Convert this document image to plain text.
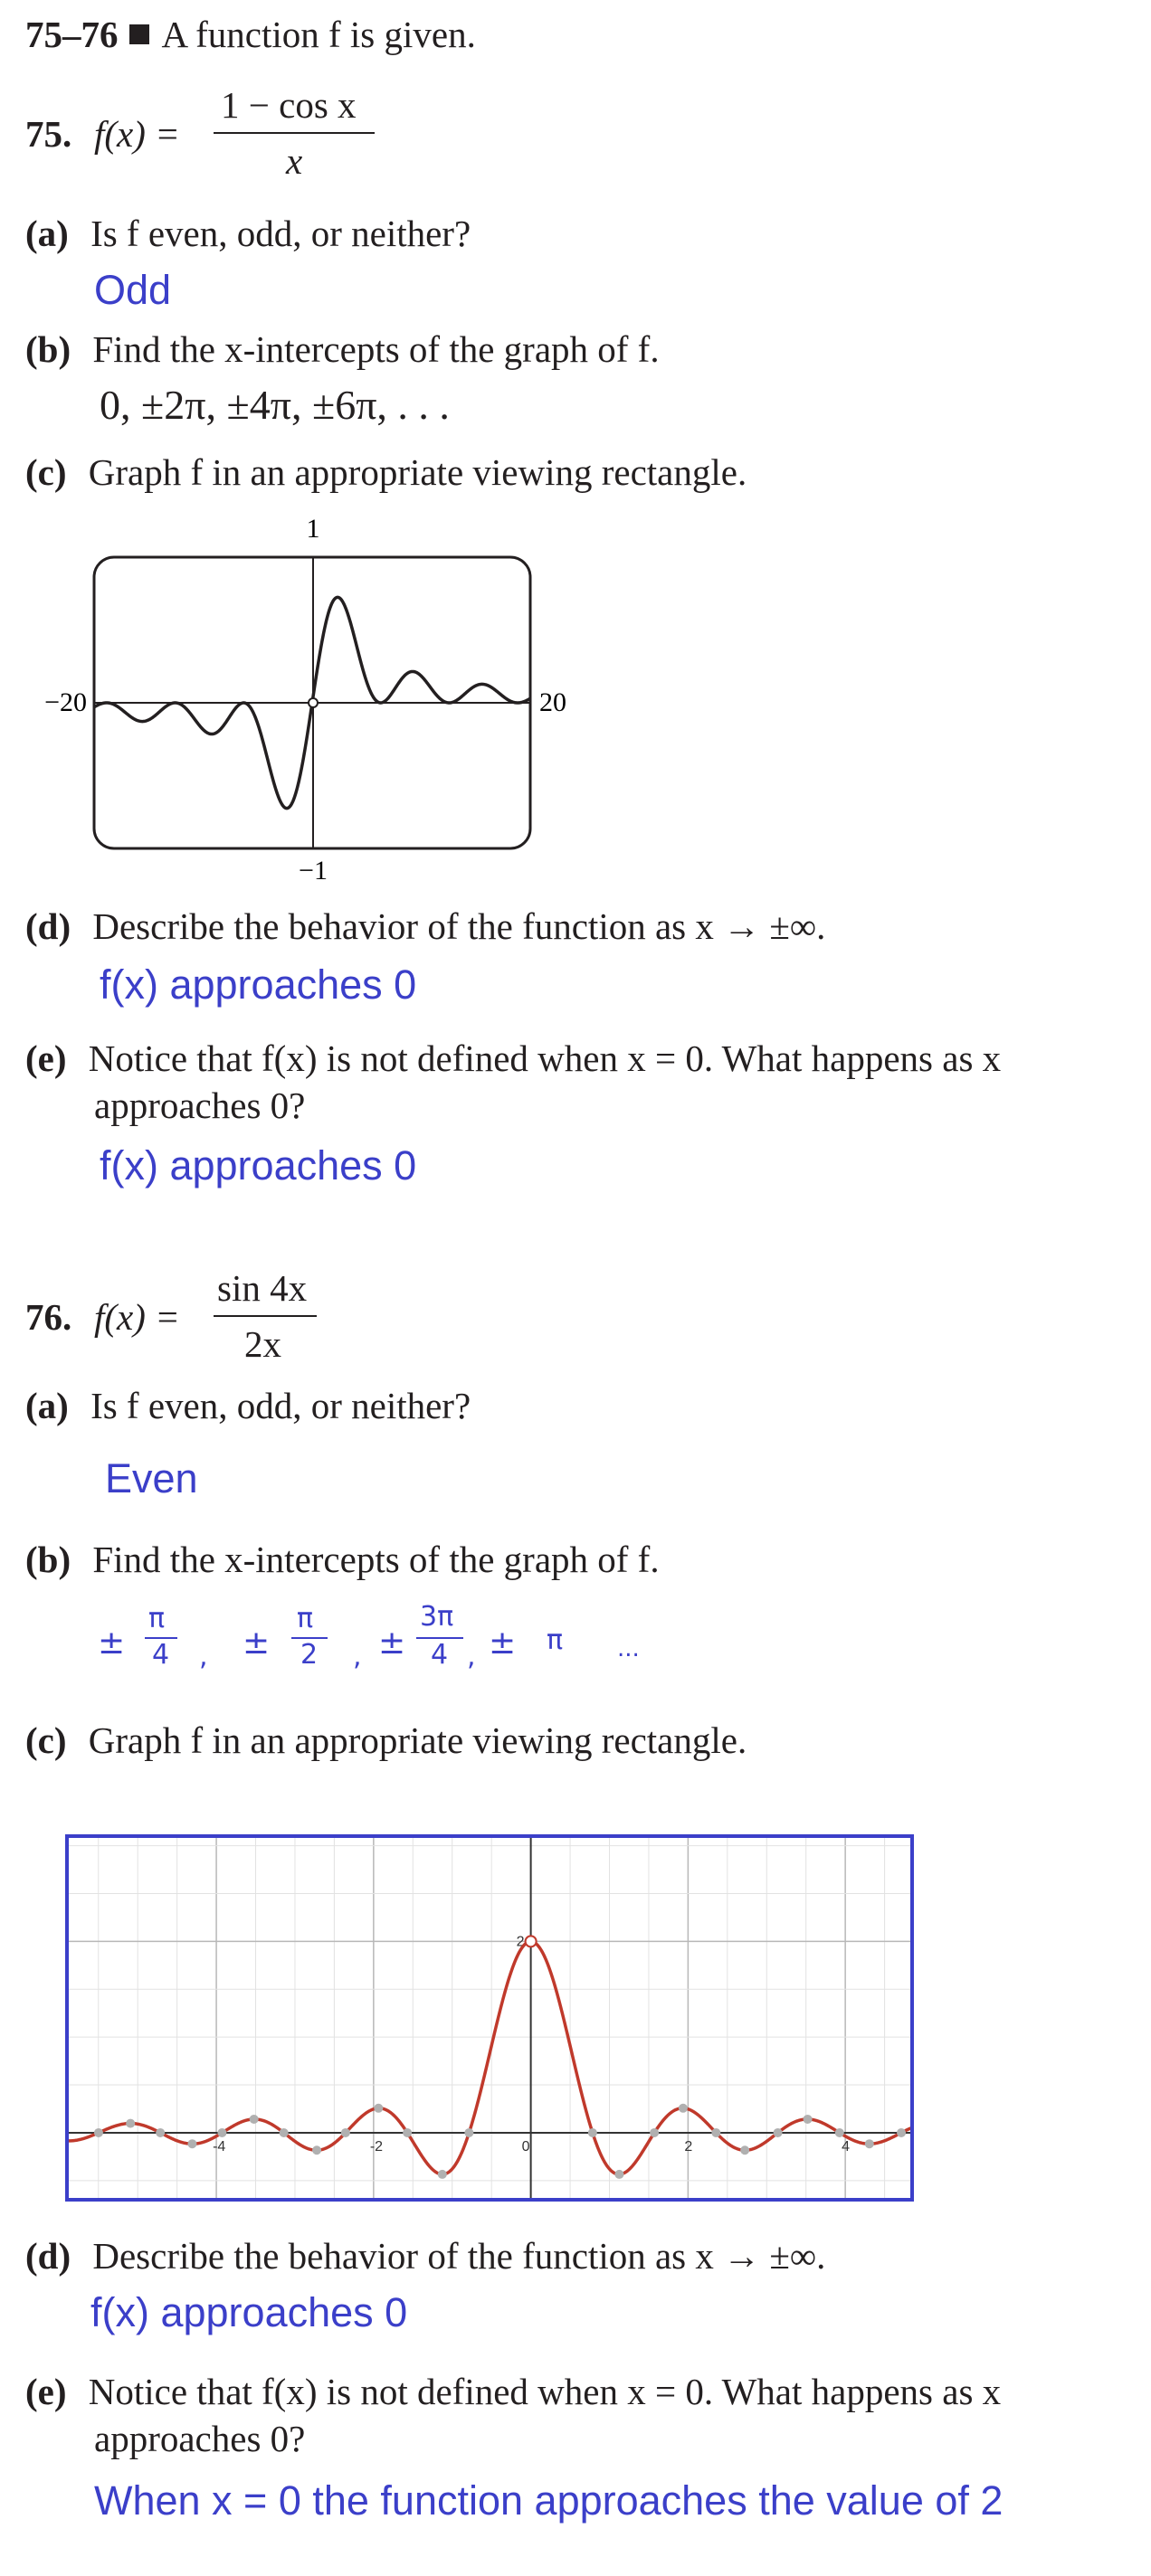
75–76 A function f is given.
75. f(x) =
1 − cos x
x
(a) Is f even, odd, or neither?
Odd
(b) Find the x-intercepts of the graph of f.
0, ±2π, ±4π, ±6π, . . .
(c) Graph f in an appropriate viewing rectangle.
1
−20	20
−1
(d) Describe the behavior of the function as x → ±∞.
f(x) approaches 0
(e) Notice that f(x) is not defined when x = 0. What happens as x
approaches 0?
f(x) approaches 0
sin 4x
2x
76. f(x) =
(a) Is f even, odd, or neither?
Even
(b) Find the x-intercepts of the graph of f.
±
π
4 , ±
π
2 , ±
3π
4 , ± π ...
(c) Graph f in an appropriate viewing rectangle.
-4	-2	0	2	4
2
(d) Describe the behavior of the function as x → ±∞.
f(x) approaches 0
(e) Notice that f(x) is not defined when x = 0. What happens as x
approaches 0?
When x = 0 the function approaches the value of 2
